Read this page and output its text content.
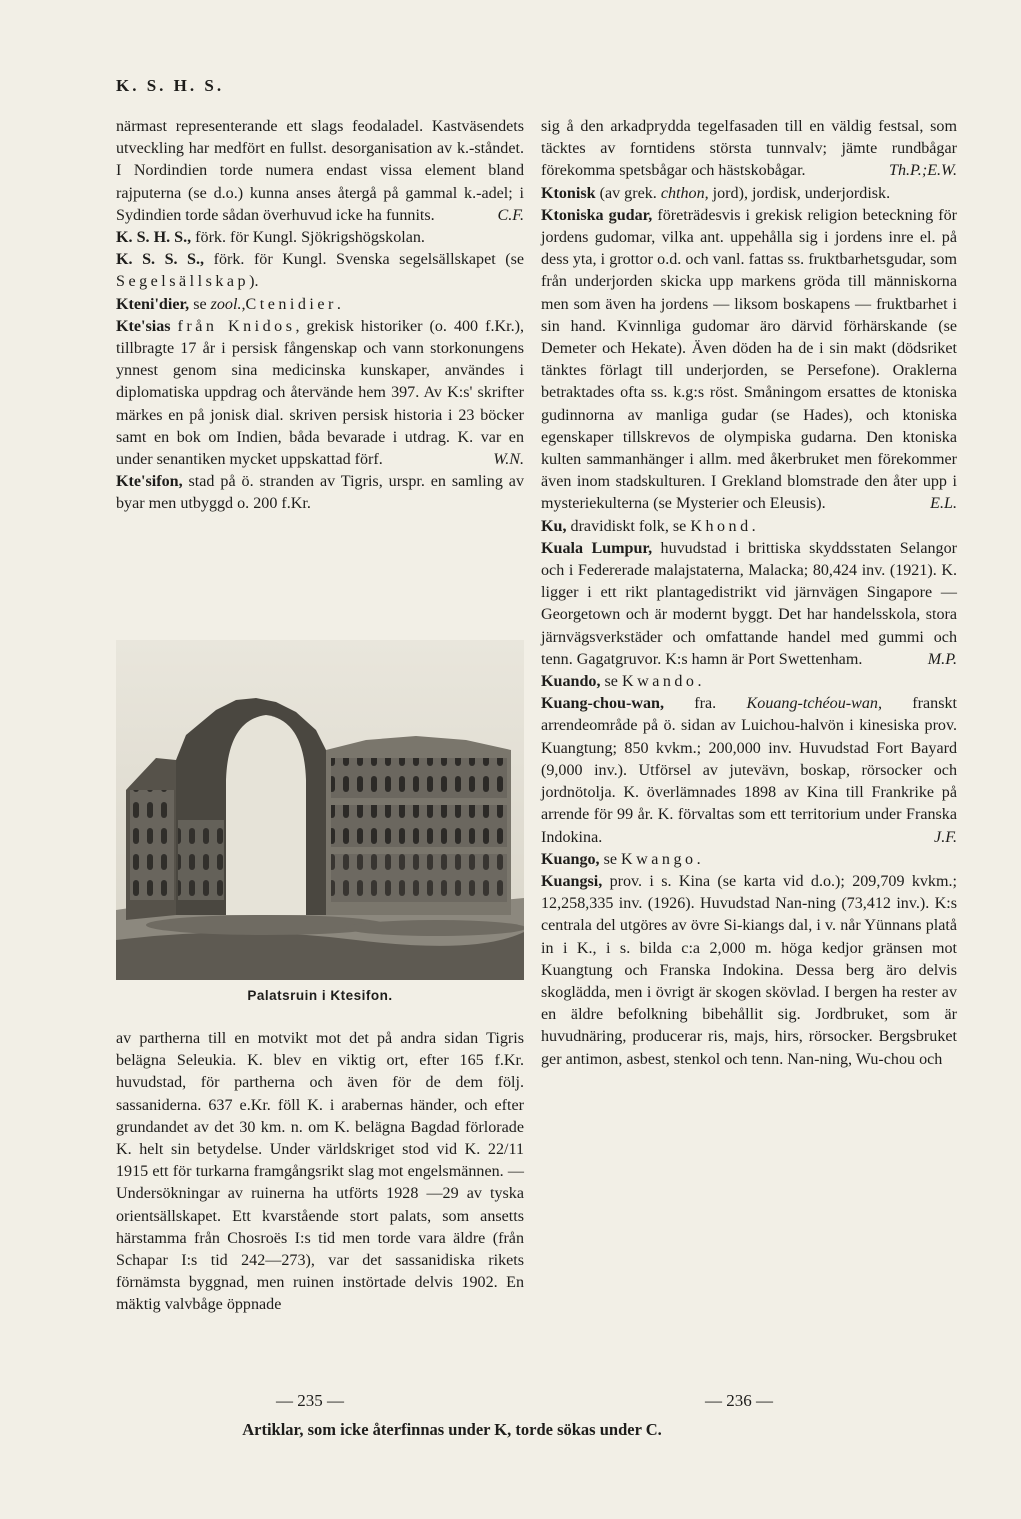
K. S. H. S.

närmast representerande ett slags feodaladel. Kastväsendets utveckling har medfört en fullst. desorganisation av k.-ståndet. I Nordindien torde numera endast vissa element bland rajputerna (se d.o.) kunna anses återgå på gammal k.-adel; i Sydindien torde sådan överhuvud icke ha funnits.	C.F.

K. S. H. S., förk. för Kungl. Sjökrigshögskolan.

K. S. S. S., förk. för Kungl. Svenska segelsällskapet (se Segelsällskap).

Kteni'dier, se zool.,Ctenidier.

Kte'sias från Knidos, grekisk historiker (o. 400 f.Kr.), tillbragte 17 år i persisk fångenskap och vann storkonungens ynnest genom sina medicinska kunskaper, användes i diplomatiska uppdrag och återvände hem 397. Av K:s' skrifter märkes en på jonisk dial. skriven persisk historia i 23 böcker samt en bok om Indien, båda bevarade i utdrag. K. var en under senantiken mycket uppskattad förf.	W.N.

Kte'sifon, stad på ö. stranden av Tigris, urspr. en samling av byar men utbyggd o. 200 f.Kr.

Palatsruin i Ktesifon.

av partherna till en motvikt mot det på andra sidan Tigris belägna Seleukia. K. blev en viktig ort, efter 165 f.Kr. huvudstad, för partherna och även för de dem följ. sassaniderna. 637 e.Kr. föll K. i arabernas händer, och efter grundandet av det 30 km. n. om K. belägna Bagdad förlorade K. helt sin betydelse. Under världskriget stod vid K. 22/11 1915 ett för turkarna framgångsrikt slag mot engelsmännen. — Undersökningar av ruinerna ha utförts 1928 —29 av tyska orientsällskapet. Ett kvarstående stort palats, som ansetts härstamma från Chosroës I:s tid men torde vara äldre (från Schapar I:s tid 242—273), var det sassanidiska rikets förnämsta byggnad, men ruinen instörtade delvis 1902. En mäktig valvbåge öppnade

sig å den arkadprydda tegelfasaden till en väldig festsal, som täcktes av forntidens största tunnvalv; jämte rundbågar förekomma spetsbågar och hästskobågar.	Th.P.;E.W.

Ktonisk (av grek. chthon, jord), jordisk, underjordisk.

Ktoniska gudar, företrädesvis i grekisk religion beteckning för jordens gudomar, vilka ant. uppehålla sig i jordens inre el. på dess yta, i grottor o.d. och vanl. fattas ss. fruktbarhetsgudar, som från underjorden skicka upp markens gröda till människorna men som även ha jordens — liksom boskapens — fruktbarhet i sin hand. Kvinnliga gudomar äro därvid förhärskande (se Demeter och Hekate). Även döden ha de i sin makt (dödsriket tänktes förlagt till underjorden, se Persefone). Oraklerna betraktades ofta ss. k.g:s röst. Småningom ersattes de ktoniska gudinnorna av manliga gudar (se Hades), och ktoniska egenskaper tillskrevos de olympiska gudarna. Den ktoniska kulten sammanhänger i allm. med åkerbruket men förekommer även inom stadskulturen. I Grekland blomstrade den åter upp i mysteriekulterna (se Mysterier och Eleusis).	E.L.

Ku, dravidiskt folk, se Khond.

Kuala Lumpur, huvudstad i brittiska skyddsstaten Selangor och i Federerade malajstaterna, Malacka; 80,424 inv. (1921). K. ligger i ett rikt plantagedistrikt vid järnvägen Singapore —Georgetown och är modernt byggt. Det har handelsskola, stora järnvägsverkstäder och omfattande handel med gummi och tenn. Gagatgruvor. K:s hamn är Port Swettenham.	M.P.

Kuando, se Kwando.

Kuang-chou-wan, fra. Kouang-tchéou-wan, franskt arrendeområde på ö. sidan av Luichou-halvön i kinesiska prov. Kuangtung; 850 kvkm.; 200,000 inv. Huvudstad Fort Bayard (9,000 inv.). Utförsel av jutevävn, boskap, rörsocker och jordnötolja. K. överlämnades 1898 av Kina till Frankrike på arrende för 99 år. K. förvaltas som ett territorium under Franska Indokina.	J.F.

Kuango, se Kwango.

Kuangsi, prov. i s. Kina (se karta vid d.o.); 209,709 kvkm.; 12,258,335 inv. (1926). Huvudstad Nan-ning (73,412 inv.). K:s centrala del utgöres av övre Si-kiangs dal, i v. når Yünnans platå in i K., i s. bilda c:a 2,000 m. höga kedjor gränsen mot Kuangtung och Franska Indokina. Dessa berg äro delvis skoglädda, men i övrigt är skogen skövlad. I bergen ha rester av en äldre befolkning bibehållit sig. Jordbruket, som är huvudnäring, producerar ris, majs, hirs, rörsocker. Bergsbruket ger antimon, asbest, stenkol och tenn. Nan-ning, Wu-chou och

— 235 —	— 236 —
Artiklar, som icke återfinnas under K, torde sökas under C.
